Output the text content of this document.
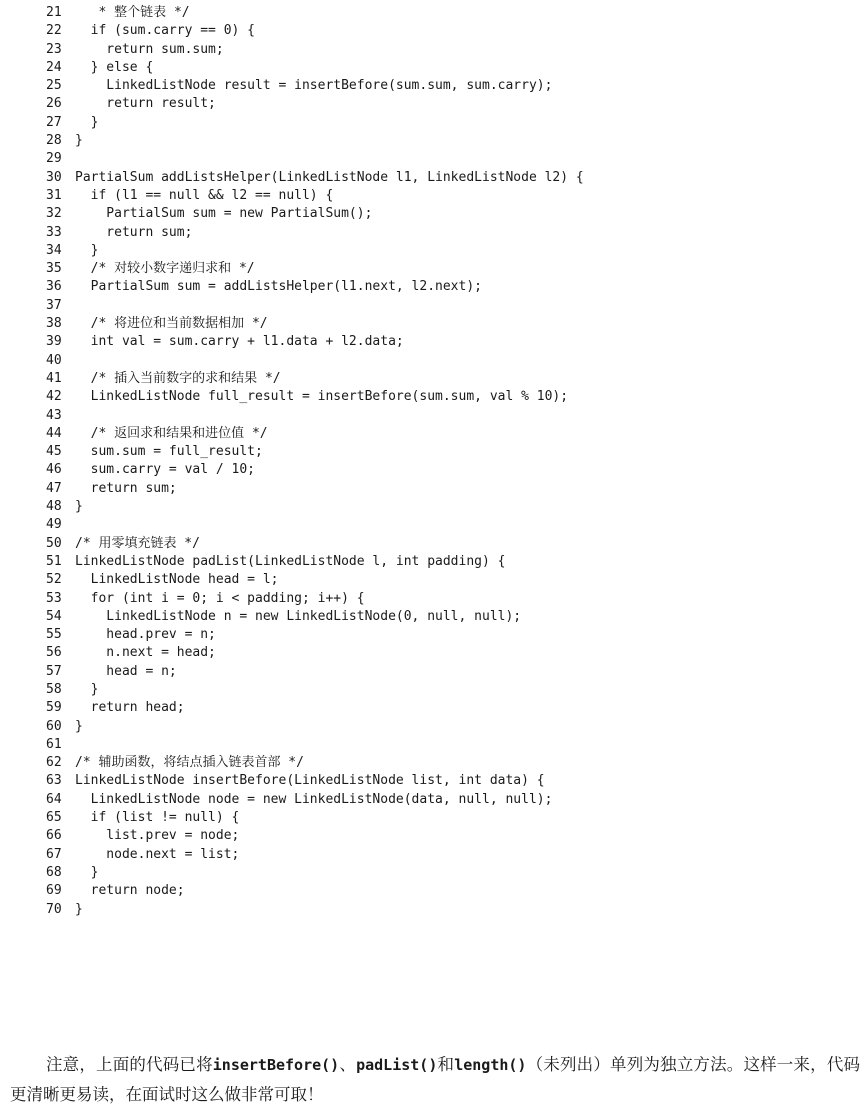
21   * 整个链表 */
22  if (sum.carry == 0) {
23    return sum.sum;
24  } else {
25    LinkedListNode result = insertBefore(sum.sum, sum.carry);
26    return result;
27  }
28 }
29
30 PartialSum addListsHelper(LinkedListNode l1, LinkedListNode l2) {
31  if (l1 == null && l2 == null) {
32    PartialSum sum = new PartialSum();
33    return sum;
34  }
35  /* 对较小数字递归求和 */
36  PartialSum sum = addListsHelper(l1.next, l2.next);
37
38  /* 将进位和当前数据相加 */
39  int val = sum.carry + l1.data + l2.data;
40
41  /* 插入当前数字的求和结果 */
42  LinkedListNode full_result = insertBefore(sum.sum, val % 10);
43
44  /* 返回求和结果和进位值 */
45  sum.sum = full_result;
46  sum.carry = val / 10;
47  return sum;
48 }
49
50 /* 用零填充链表 */
51 LinkedListNode padList(LinkedListNode l, int padding) {
52  LinkedListNode head = l;
53  for (int i = 0; i < padding; i++) {
54    LinkedListNode n = new LinkedListNode(0, null, null);
55    head.prev = n;
56    n.next = head;
57    head = n;
58  }
59  return head;
60 }
61
62 /* 辅助函数，将结点插入链表首部 */
63 LinkedListNode insertBefore(LinkedListNode list, int data) {
64  LinkedListNode node = new LinkedListNode(data, null, null);
65  if (list != null) {
66    list.prev = node;
67    node.next = list;
68  }
69  return node;
70 }

注意，上面的代码已将insertBefore()、padList()和length()（未列出）单列为独立方法。这样一来，代码更清晰更易读，在面试时这么做非常可取！
